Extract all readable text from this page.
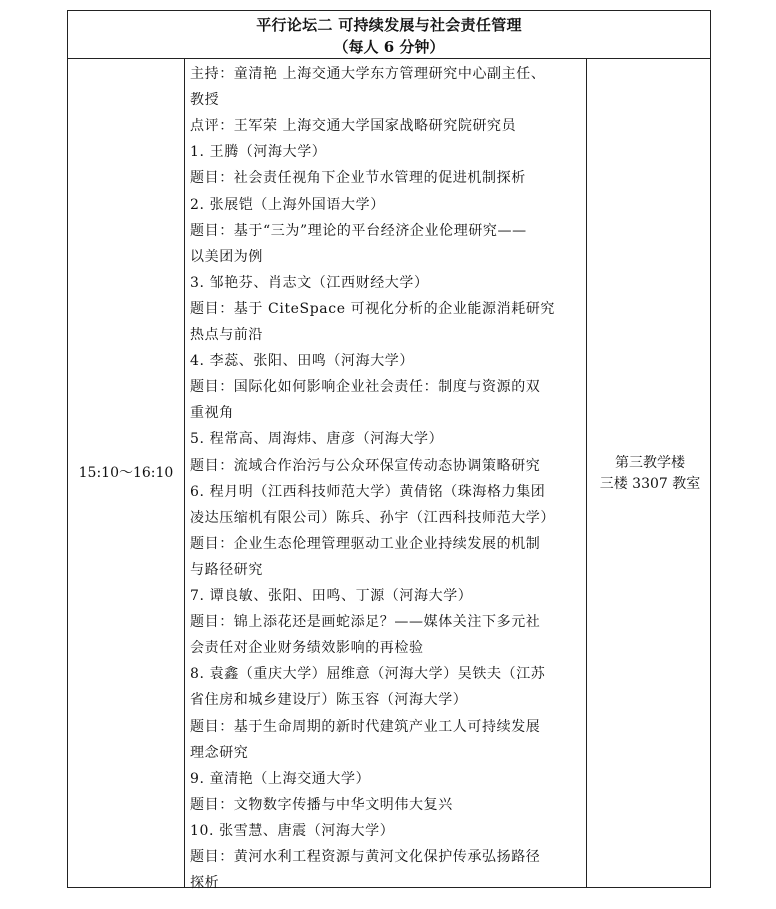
平行论坛二 可持续发展与社会责任管理
（每人 6 分钟）
15:10～16:10
主持：童清艳 上海交通大学东方管理研究中心副主任、
教授
点评：王军荣 上海交通大学国家战略研究院研究员
1. 王腾（河海大学）
题目：社会责任视角下企业节水管理的促进机制探析
2. 张展铠（上海外国语大学）
题目：基于“三为”理论的平台经济企业伦理研究——
以美团为例
3. 邹艳芬、肖志文（江西财经大学）
题目：基于 CiteSpace 可视化分析的企业能源消耗研究
热点与前沿
4. 李蕊、张阳、田鸣（河海大学）
题目：国际化如何影响企业社会责任：制度与资源的双
重视角
5. 程常高、周海炜、唐彦（河海大学）
题目：流域合作治污与公众环保宣传动态协调策略研究
6. 程月明（江西科技师范大学）黄倩铭（珠海格力集团
凌达压缩机有限公司）陈兵、孙宇（江西科技师范大学）
题目：企业生态伦理管理驱动工业企业持续发展的机制
与路径研究
7. 谭良敏、张阳、田鸣、丁源（河海大学）
题目：锦上添花还是画蛇添足？——媒体关注下多元社
会责任对企业财务绩效影响的再检验
8. 袁鑫（重庆大学）屈维意（河海大学）吴铁夫（江苏
省住房和城乡建设厅）陈玉容（河海大学）
题目：基于生命周期的新时代建筑产业工人可持续发展
理念研究
9. 童清艳（上海交通大学）
题目：文物数字传播与中华文明伟大复兴
10. 张雪慧、唐震（河海大学）
题目：黄河水利工程资源与黄河文化保护传承弘扬路径
探析
第三教学楼
三楼 3307 教室
